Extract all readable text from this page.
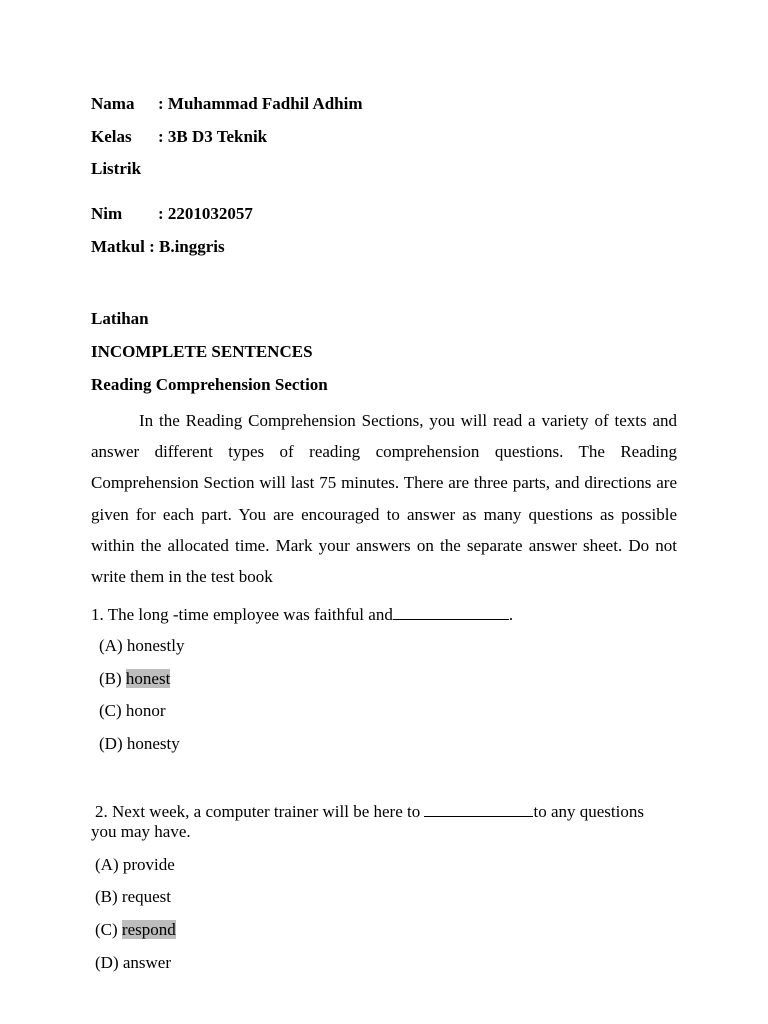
Nama : Muhammad Fadhil Adhim
Kelas : 3B D3 Teknik
Listrik
Nim : 2201032057
Matkul : B.inggris
Latihan
INCOMPLETE SENTENCES
Reading Comprehension Section

In the Reading Comprehension Sections, you will read a variety of texts and answer different types of reading comprehension questions. The Reading Comprehension Section will last 75 minutes. There are three parts, and directions are given for each part. You are encouraged to answer as many questions as possible within the allocated time. Mark your answers on the separate answer sheet. Do not write them in the test book

1. The long -time employee was faithful and	.
(A) honestly
(B) honest
(C) honor
(D) honesty
2. Next week, a computer trainer will be here to	to any questions
you may have.
(A) provide
(B) request
(C) respond
(D) answer
